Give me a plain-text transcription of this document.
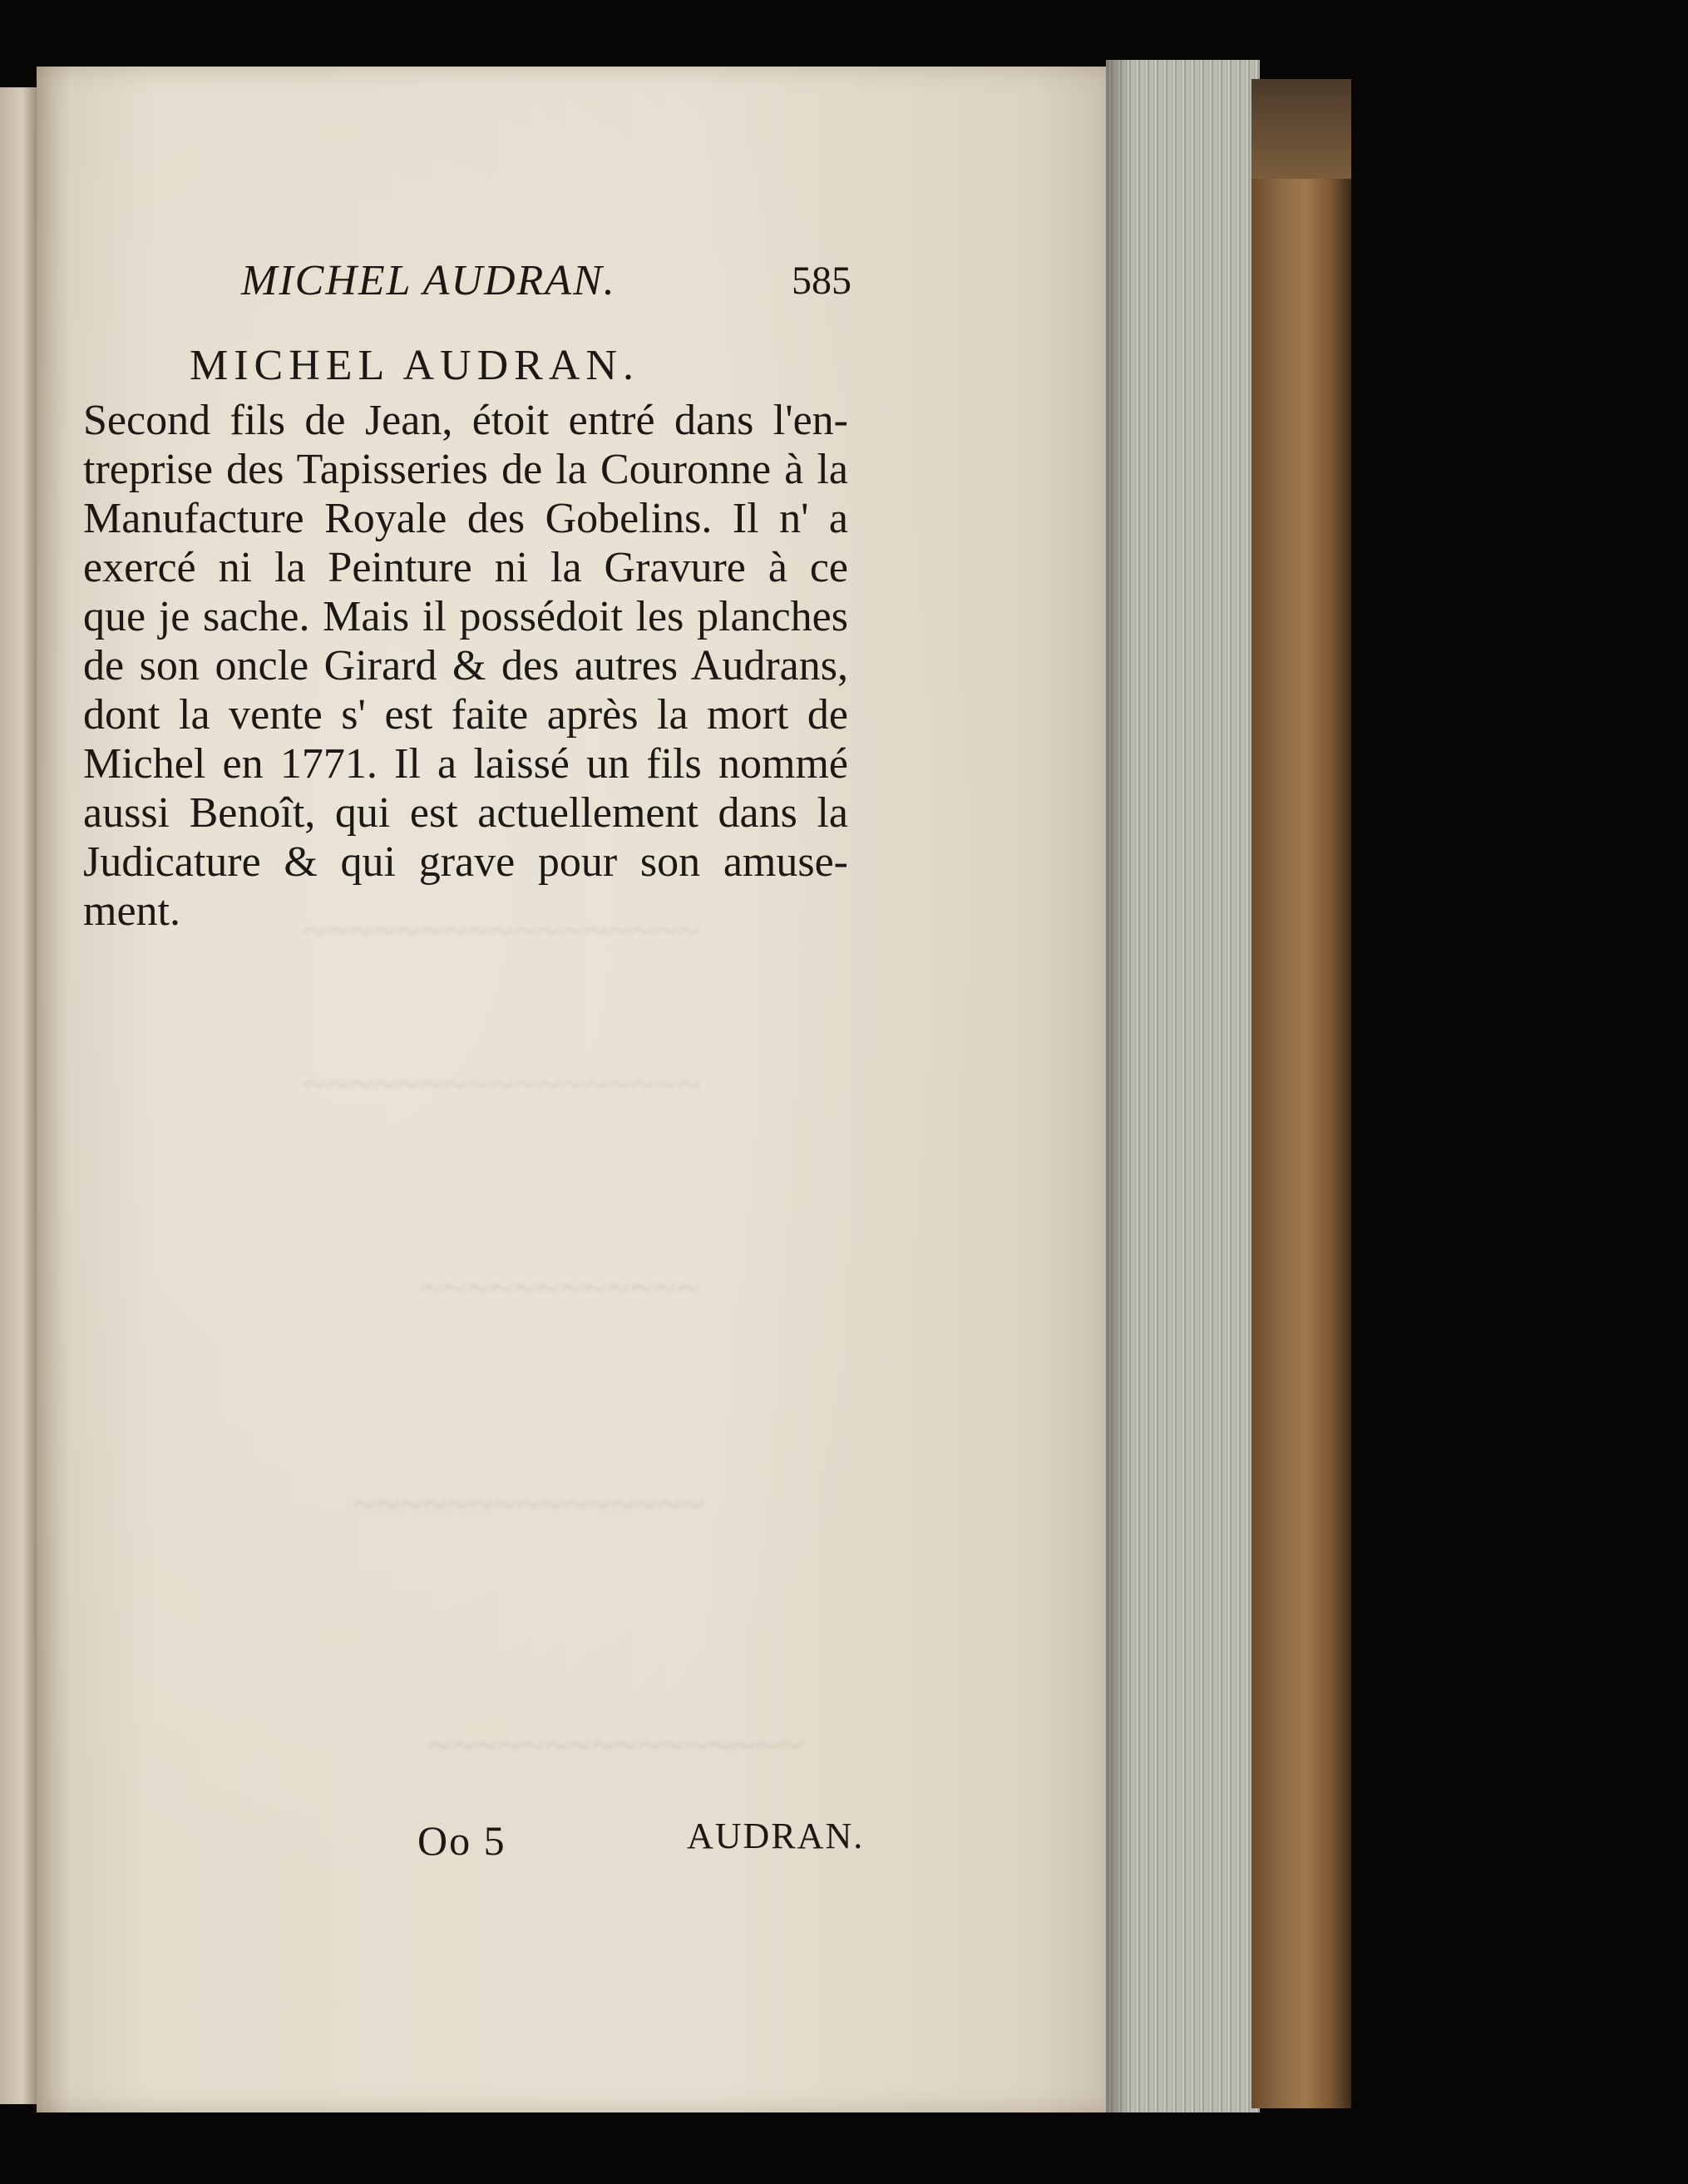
~~~~~~~~~~~~~~~~~
~~~~~~~~~~~~~~~~~
~~~~~~~~~~~~
~~~~~~~~~~~~~~~
~~~~~~~~~~~~~~~~
MICHEL AUDRAN.	585
MICHEL AUDRAN.
Second fils de Jean, étoit entré dans l'en-
treprise des Tapisseries de la Couronne à la
Manufacture Royale des Gobelins. Il n' a
exercé ni la Peinture ni la Gravure à ce
que je sache. Mais il possédoit les planches
de son oncle Girard & des autres Audrans,
dont la vente s' est faite après la mort de
Michel en 1771. Il a laissé un fils nommé
aussi Benoît, qui est actuellement dans la
Judicature & qui grave pour son amuse-
ment.
Oo 5	AUDRAN.
